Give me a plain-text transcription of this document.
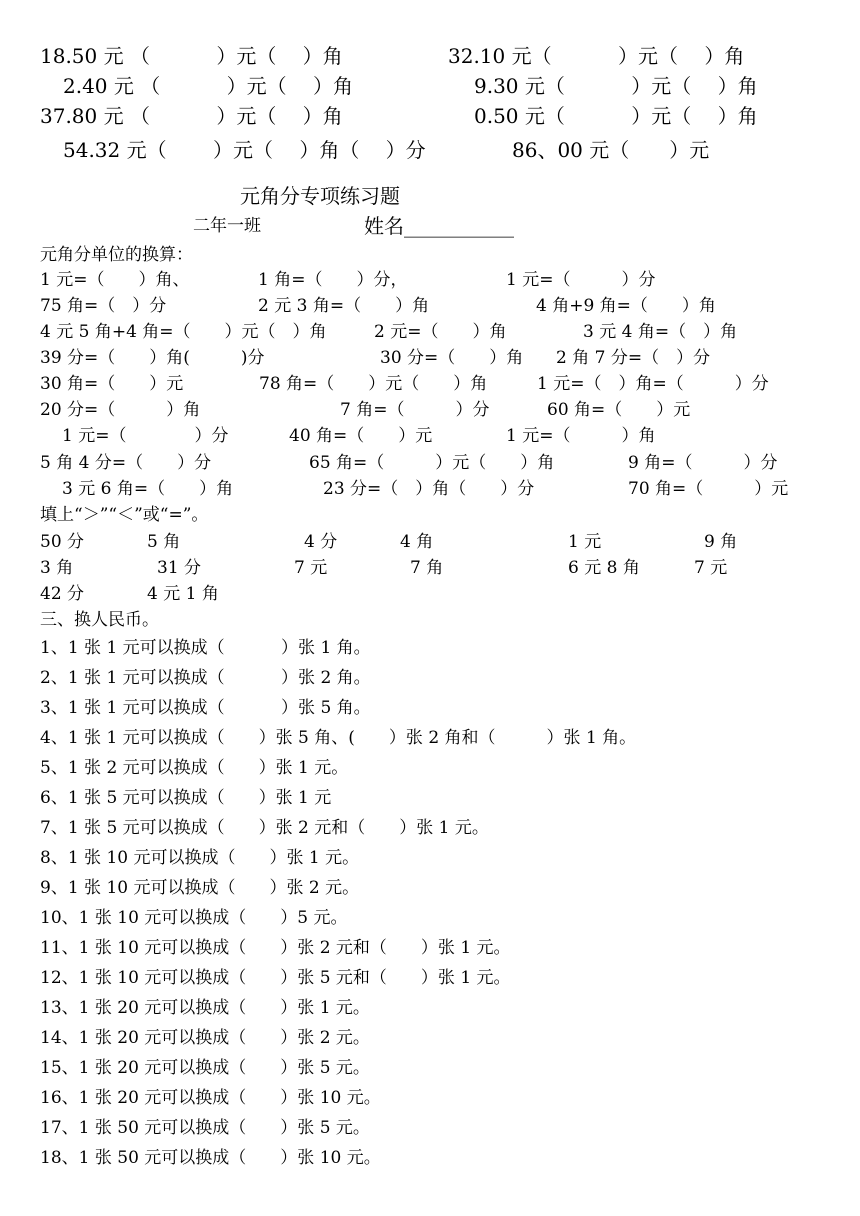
18.50 元 （　　　 ）元（　 ）角	32.10 元（　　　 ）元（　 ）角
2.40 元 （　　　 ）元（　 ）角	9.30 元（　　　 ）元（　 ）角
37.80 元 （　　　 ）元（　 ）角	0.50 元（　　　 ）元（　 ）角
54.32 元（　　 ）元（　 ）角（　 ）分	86、00 元（　　）元
元角分专项练习题
二年一班	姓名___________
元角分单位的换算：
1 元=（　　）角、	1 角=（　　）分，	1 元=（　　　）分
75 角=（　）分	2 元 3 角=（　　）角	4 角+9 角=（　　）角
4 元 5 角+4 角=（　　）元（　）角	2 元=（　　）角	3 元 4 角=（　）角
39 分=（　　）角(　　　)分	30 分=（　　）角 2 角 7 分=（　）分
30 角=（　　）元	78 角=（　　）元（　　）角	1 元=（　）角=（　　　）分
20 分=（　　　）角	7 角=（　　　）分	60 角=（　　）元
1 元=（　　　　）分	40 角=（　　）元	1 元=（　　　）角
5 角 4 分=（　　）分	65 角=（　　　）元（　　）角	9 角=（　　　）分
3 元 6 角=（　　）角	23 分=（　）角（　　）分	70 角=（　　　）元
填上“＞”“＜”或“=”。
50 分	5 角	4 分	4 角	1 元	9 角
3 角	31 分	7 元	7 角	6 元 8 角	7 元
42 分	4 元 1 角
三、换人民币。
1、1 张 1 元可以换成（　　　 ）张 1 角。
2、1 张 1 元可以换成（　　　 ）张 2 角。
3、1 张 1 元可以换成（　　　 ）张 5 角。
4、1 张 1 元可以换成（　　）张 5 角、(　　）张 2 角和（　　　）张 1 角。
5、1 张 2 元可以换成（　　）张 1 元。
6、1 张 5 元可以换成（　　）张 1 元
7、1 张 5 元可以换成（　　）张 2 元和（　　）张 1 元。
8、1 张 10 元可以换成（　　）张 1 元。
9、1 张 10 元可以换成（　　）张 2 元。
10、1 张 10 元可以换成（　　）5 元。
11、1 张 10 元可以换成（　　）张 2 元和（　　）张 1 元。
12、1 张 10 元可以换成（　　）张 5 元和（　　）张 1 元。
13、1 张 20 元可以换成（　　）张 1 元。
14、1 张 20 元可以换成（　　）张 2 元。
15、1 张 20 元可以换成（　　）张 5 元。
16、1 张 20 元可以换成（　　）张 10 元。
17、1 张 50 元可以换成（　　）张 5 元。
18、1 张 50 元可以换成（　　）张 10 元。
